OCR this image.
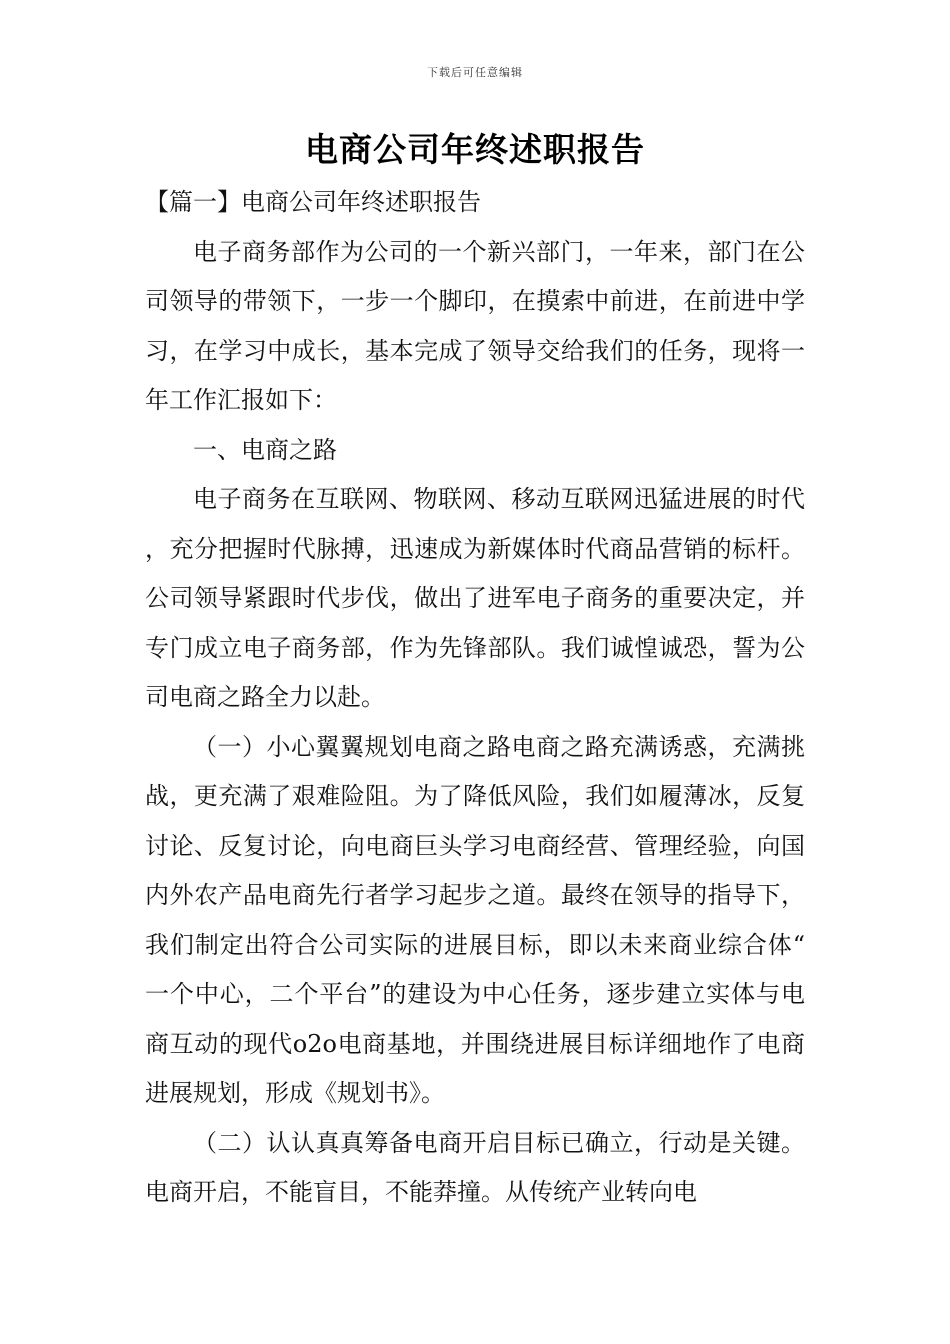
下载后可任意编辑
电商公司年终述职报告

【篇一】电商公司年终述职报告

电子商务部作为公司的一个新兴部门，一年来，部门在公司领导的带领下，一步一个脚印，在摸索中前进，在前进中学习，在学习中成长，基本完成了领导交给我们的任务，现将一年工作汇报如下：

一、电商之路

电子商务在互联网、物联网、移动互联网迅猛进展的时代，充分把握时代脉搏，迅速成为新媒体时代商品营销的标杆。公司领导紧跟时代步伐，做出了进军电子商务的重要决定，并专门成立电子商务部，作为先锋部队。我们诚惶诚恐，誓为公司电商之路全力以赴。

（一）小心翼翼规划电商之路电商之路充满诱惑，充满挑战，更充满了艰难险阻。为了降低风险，我们如履薄冰，反复讨论、反复讨论，向电商巨头学习电商经营、管理经验，向国内外农产品电商先行者学习起步之道。最终在领导的指导下，我们制定出符合公司实际的进展目标，即以未来商业综合体“一个中心，二个平台”的建设为中心任务，逐步建立实体与电商互动的现代o2o电商基地，并围绕进展目标详细地作了电商进展规划，形成《规划书》。

（二）认认真真筹备电商开启目标已确立，行动是关键。电商开启，不能盲目，不能莽撞。从传统产业转向电
